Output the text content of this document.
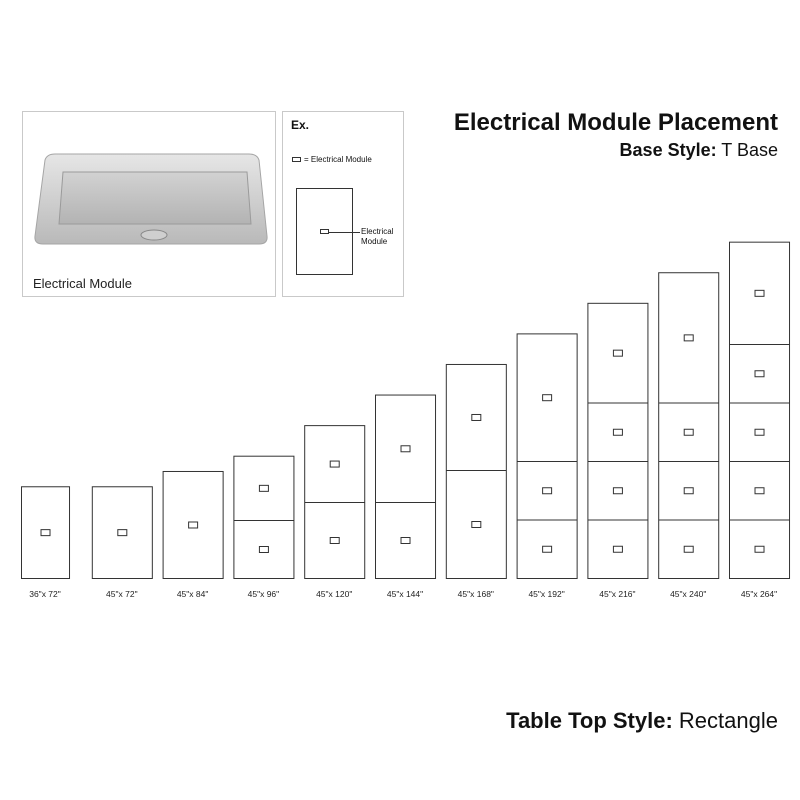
36"x 72"	45"x 72"	45"x 84"	45"x 96"	45"x 120"	45"x 144"	45"x 168"	45"x 192"	45"x 216"	45"x 240"	45"x 264"
Electrical Module
Ex.
= Electrical Module
Electrical
Module
Electrical Module Placement
Base Style: T Base
Table Top Style: Rectangle
